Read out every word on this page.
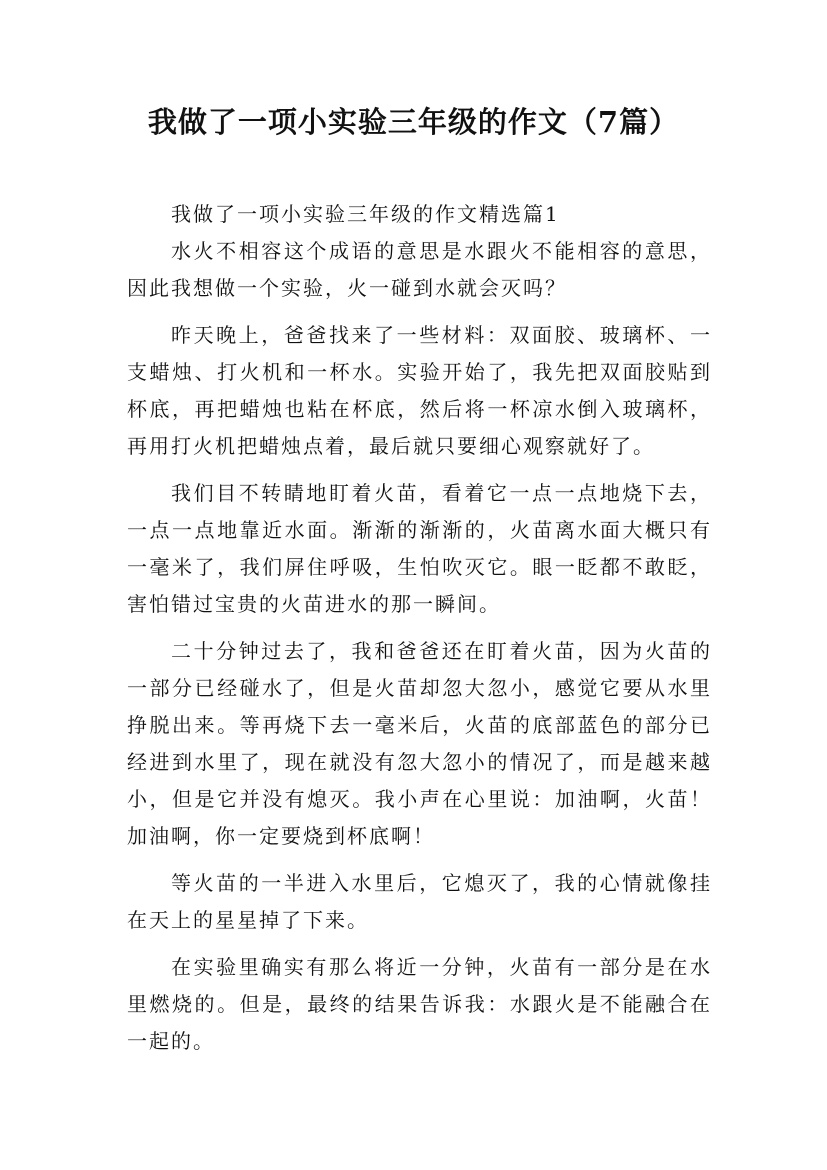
我做了一项小实验三年级的作文（7篇）
我做了一项小实验三年级的作文精选篇1
水火不相容这个成语的意思是水跟火不能相容的意思，
因此我想做一个实验，火一碰到水就会灭吗？
昨天晚上，爸爸找来了一些材料：双面胶、玻璃杯、一
支蜡烛、打火机和一杯水。实验开始了，我先把双面胶贴到
杯底，再把蜡烛也粘在杯底，然后将一杯凉水倒入玻璃杯，
再用打火机把蜡烛点着，最后就只要细心观察就好了。
我们目不转睛地盯着火苗，看着它一点一点地烧下去，
一点一点地靠近水面。渐渐的渐渐的，火苗离水面大概只有
一毫米了，我们屏住呼吸，生怕吹灭它。眼一眨都不敢眨，
害怕错过宝贵的火苗进水的那一瞬间。
二十分钟过去了，我和爸爸还在盯着火苗，因为火苗的
一部分已经碰水了，但是火苗却忽大忽小，感觉它要从水里
挣脱出来。等再烧下去一毫米后，火苗的底部蓝色的部分已
经进到水里了，现在就没有忽大忽小的情况了，而是越来越
小，但是它并没有熄灭。我小声在心里说：加油啊，火苗！
加油啊，你一定要烧到杯底啊！
等火苗的一半进入水里后，它熄灭了，我的心情就像挂
在天上的星星掉了下来。
在实验里确实有那么将近一分钟，火苗有一部分是在水
里燃烧的。但是，最终的结果告诉我：水跟火是不能融合在
一起的。
